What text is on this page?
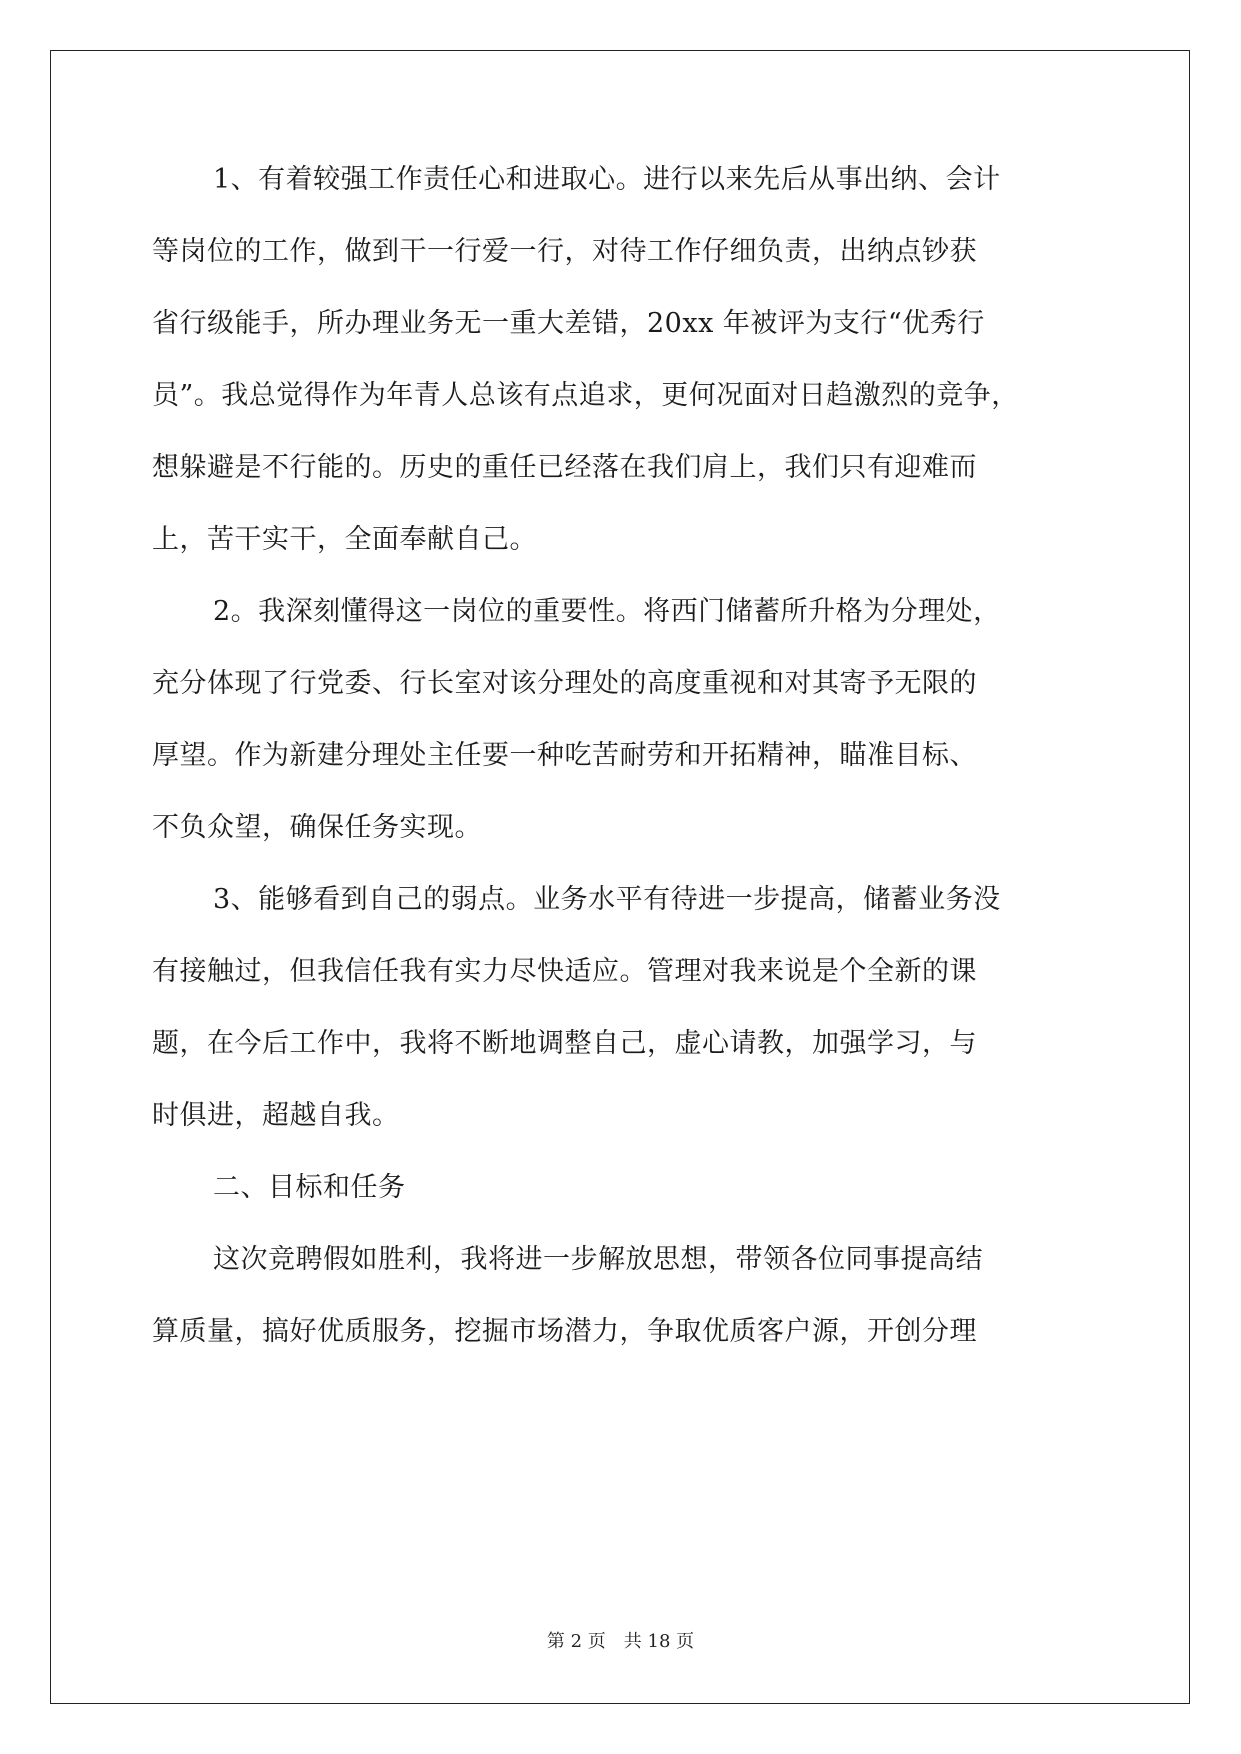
1、有着较强工作责任心和进取心。进行以来先后从事出纳、会计
等岗位的工作，做到干一行爱一行，对待工作仔细负责，出纳点钞获
省行级能手，所办理业务无一重大差错，20xx 年被评为支行“优秀行
员”。我总觉得作为年青人总该有点追求，更何况面对日趋激烈的竞争，
想躲避是不行能的。历史的重任已经落在我们肩上，我们只有迎难而
上，苦干实干，全面奉献自己。
2。我深刻懂得这一岗位的重要性。将西门储蓄所升格为分理处，
充分体现了行党委、行长室对该分理处的高度重视和对其寄予无限的
厚望。作为新建分理处主任要一种吃苦耐劳和开拓精神，瞄准目标、
不负众望，确保任务实现。
3、能够看到自己的弱点。业务水平有待进一步提高，储蓄业务没
有接触过，但我信任我有实力尽快适应。管理对我来说是个全新的课
题，在今后工作中，我将不断地调整自己，虚心请教，加强学习，与
时俱进，超越自我。
二、目标和任务
这次竞聘假如胜利，我将进一步解放思想，带领各位同事提高结
算质量，搞好优质服务，挖掘市场潜力，争取优质客户源，开创分理
第 2 页　共 18 页
